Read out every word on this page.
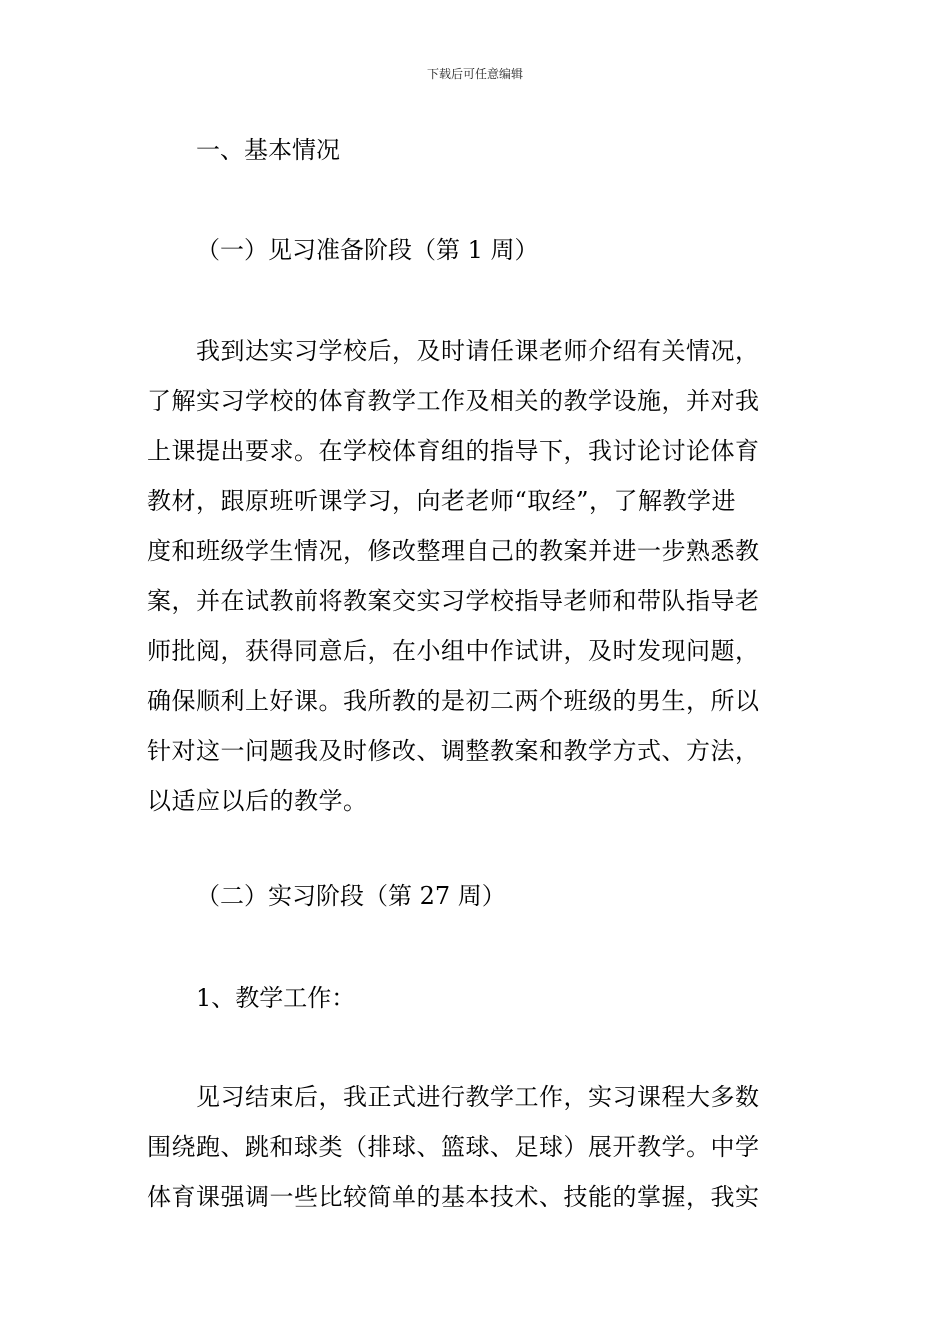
下载后可任意编辑
一、基本情况
（一）见习准备阶段（第 1 周）
我到达实习学校后，及时请任课老师介绍有关情况，
了解实习学校的体育教学工作及相关的教学设施，并对我
上课提出要求。在学校体育组的指导下，我讨论讨论体育
教材，跟原班听课学习，向老老师“取经”，了解教学进
度和班级学生情况，修改整理自己的教案并进一步熟悉教
案，并在试教前将教案交实习学校指导老师和带队指导老
师批阅，获得同意后，在小组中作试讲，及时发现问题，
确保顺利上好课。我所教的是初二两个班级的男生，所以
针对这一问题我及时修改、调整教案和教学方式、方法，
以适应以后的教学。
（二）实习阶段（第 27 周）
1、教学工作：
见习结束后，我正式进行教学工作，实习课程大多数
围绕跑、跳和球类（排球、篮球、足球）展开教学。中学
体育课强调一些比较简单的基本技术、技能的掌握，我实
